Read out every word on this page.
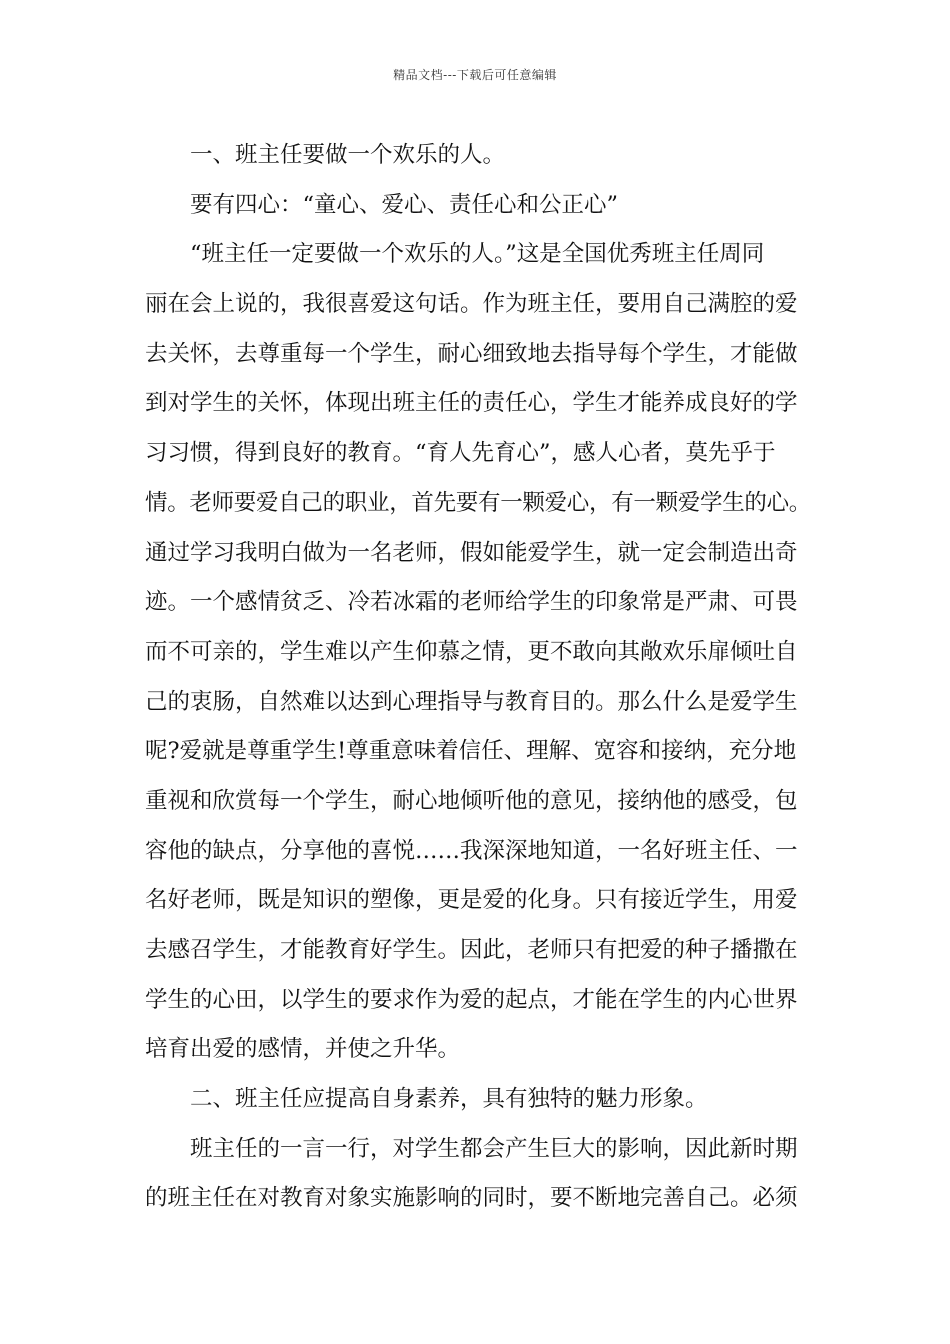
精品文档---下载后可任意编辑
一、班主任要做一个欢乐的人。
要有四心：“童心、爱心、责任心和公正心”
“班主任一定要做一个欢乐的人。”这是全国优秀班主任周同
丽在会上说的，我很喜爱这句话。作为班主任，要用自己满腔的爱
去关怀，去尊重每一个学生，耐心细致地去指导每个学生，才能做
到对学生的关怀，体现出班主任的责任心，学生才能养成良好的学
习习惯，得到良好的教育。“育人先育心”，感人心者，莫先乎于
情。老师要爱自己的职业，首先要有一颗爱心，有一颗爱学生的心。
通过学习我明白做为一名老师，假如能爱学生，就一定会制造出奇
迹。一个感情贫乏、冷若冰霜的老师给学生的印象常是严肃、可畏
而不可亲的，学生难以产生仰慕之情，更不敢向其敞欢乐扉倾吐自
己的衷肠，自然难以达到心理指导与教育目的。那么什么是爱学生
呢?爱就是尊重学生!尊重意味着信任、理解、宽容和接纳，充分地
重视和欣赏每一个学生，耐心地倾听他的意见，接纳他的感受，包
容他的缺点，分享他的喜悦……我深深地知道，一名好班主任、一
名好老师，既是知识的塑像，更是爱的化身。只有接近学生，用爱
去感召学生，才能教育好学生。因此，老师只有把爱的种子播撒在
学生的心田，以学生的要求作为爱的起点，才能在学生的内心世界
培育出爱的感情，并使之升华。
二、班主任应提高自身素养，具有独特的魅力形象。
班主任的一言一行，对学生都会产生巨大的影响，因此新时期
的班主任在对教育对象实施影响的同时，要不断地完善自己。必须
